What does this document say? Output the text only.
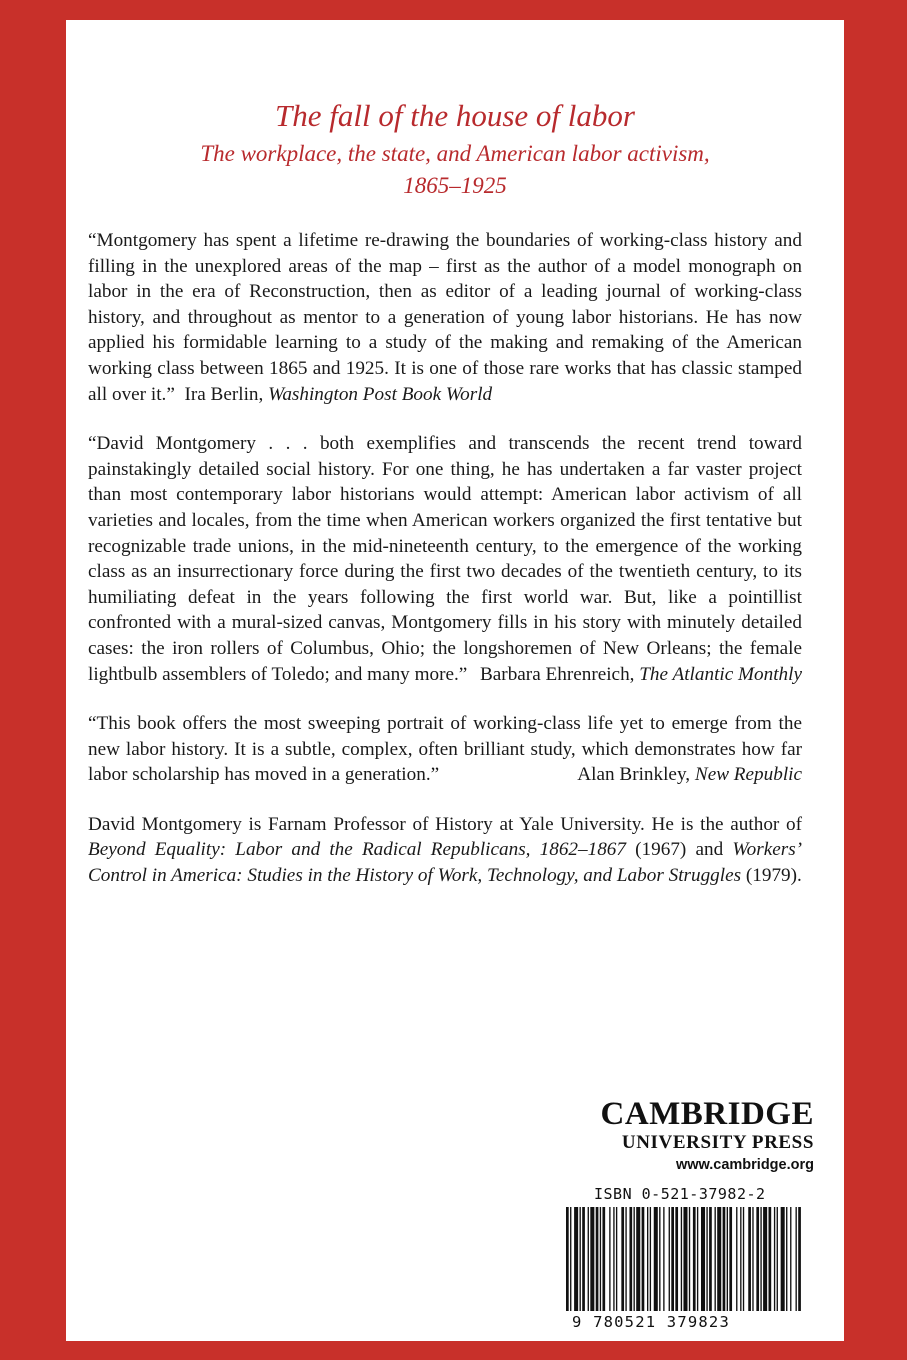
The fall of the house of labor
The workplace, the state, and American labor activism,
1865–1925

“Montgomery has spent a lifetime re-drawing the boundaries of working-class history and filling in the unexplored areas of the map – first as the author of a model monograph on labor in the era of Reconstruction, then as editor of a leading journal of working-class history, and throughout as mentor to a generation of young labor historians. He has now applied his formidable learning to a study of the making and remaking of the American working class between 1865 and 1925. It is one of those rare works that has classic stamped all over it.” Ira Berlin, Washington Post Book World

“David Montgomery . . . both exemplifies and transcends the recent trend toward painstakingly detailed social history. For one thing, he has undertaken a far vaster project than most contemporary labor historians would attempt: American labor activism of all varieties and locales, from the time when American workers organized the first tentative but recognizable trade unions, in the mid-nineteenth century, to the emergence of the working class as an insurrectionary force during the first two decades of the twentieth century, to its humiliating defeat in the years following the first world war. But, like a pointillist confronted with a mural-sized canvas, Montgomery fills in his story with minutely detailed cases: the iron rollers of Columbus, Ohio; the longshoremen of New Orleans; the female lightbulb assemblers of Toledo; and many more.” Barbara Ehrenreich, The Atlantic Monthly

“This book offers the most sweeping portrait of working-class life yet to emerge from the new labor history. It is a subtle, complex, often brilliant study, which demonstrates how far labor scholarship has moved in a generation.”	Alan Brinkley, New Republic

David Montgomery is Farnam Professor of History at Yale University. He is the author of Beyond Equality: Labor and the Radical Republicans, 1862–1867 (1967) and Workers’ Control in America: Studies in the History of Work, Technology, and Labor Struggles (1979).

CAMBRIDGE
UNIVERSITY PRESS
www.cambridge.org
ISBN 0-521-37982-2
9 780521 379823
